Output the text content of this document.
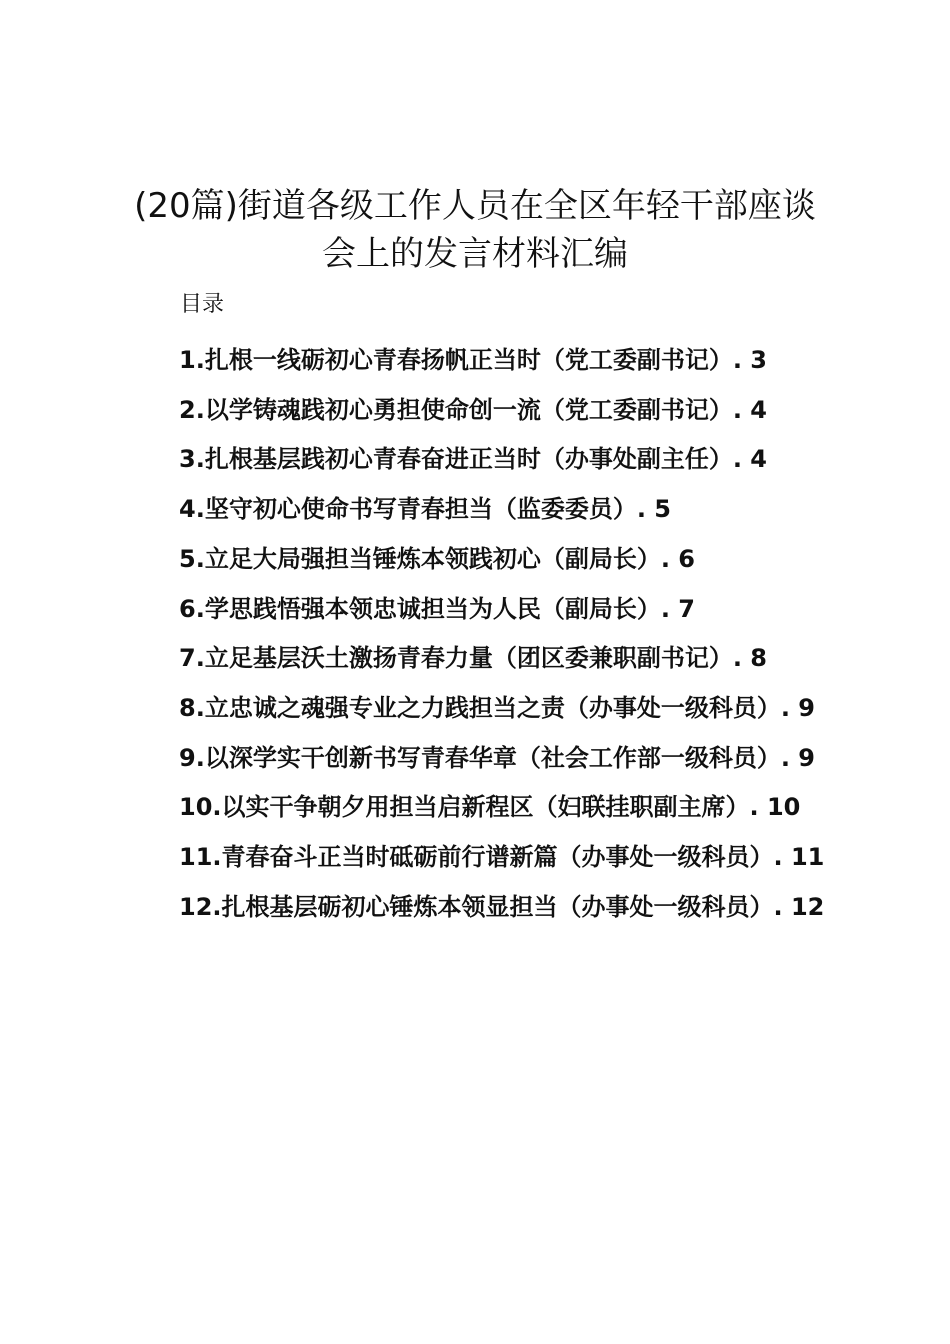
(20篇)街道各级工作人员在全区年轻干部座谈会上的发言材料汇编
目录
1.扎根一线砺初心青春扬帆正当时（党工委副书记）. 3
2.以学铸魂践初心勇担使命创一流（党工委副书记）. 4
3.扎根基层践初心青春奋进正当时（办事处副主任）. 4
4.坚守初心使命书写青春担当（监委委员）. 5
5.立足大局强担当锤炼本领践初心（副局长）. 6
6.学思践悟强本领忠诚担当为人民（副局长）. 7
7.立足基层沃土激扬青春力量（团区委兼职副书记）. 8
8.立忠诚之魂强专业之力践担当之责（办事处一级科员）. 9
9.以深学实干创新书写青春华章（社会工作部一级科员）. 9
10.以实干争朝夕用担当启新程区（妇联挂职副主席）. 10
11.青春奋斗正当时砥砺前行谱新篇（办事处一级科员）. 11
12.扎根基层砺初心锤炼本领显担当（办事处一级科员）. 12
